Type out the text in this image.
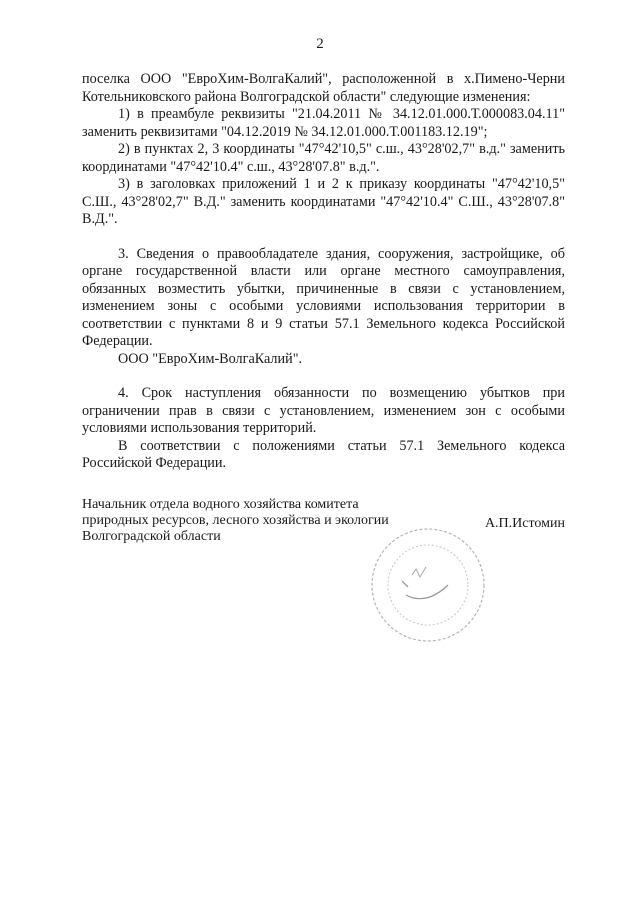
2

поселка ООО "ЕвроХим-ВолгаКалий", расположенной в х.Пимено-Черни Котельниковского района Волгоградской области" следующие изменения:

1) в преамбуле реквизиты "21.04.2011 № 34.12.01.000.Т.000083.04.11" заменить реквизитами "04.12.2019 № 34.12.01.000.Т.001183.12.19";

2) в пунктах 2, 3 координаты "47°42'10,5" с.ш., 43°28'02,7" в.д." заменить координатами "47°42'10.4" с.ш., 43°28'07.8" в.д.".

3) в заголовках приложений 1 и 2 к приказу координаты "47°42'10,5" С.Ш., 43°28'02,7" В.Д." заменить координатами "47°42'10.4" С.Ш., 43°28'07.8" В.Д.".

3. Сведения о правообладателе здания, сооружения, застройщике, об органе государственной власти или органе местного самоуправления, обязанных возместить убытки, причиненные в связи с установлением, изменением зоны с особыми условиями использования территории в соответствии с пунктами 8 и 9 статьи 57.1 Земельного кодекса Российской Федерации.

ООО "ЕвроХим-ВолгаКалий".

4. Срок наступления обязанности по возмещению убытков при ограничении прав в связи с установлением, изменением зон с особыми условиями использования территорий.

В соответствии с положениями статьи 57.1 Земельного кодекса Российской Федерации.

Начальник отдела водного хозяйства комитета природных ресурсов, лесного хозяйства и экологии Волгоградской области
А.П.Истомин
